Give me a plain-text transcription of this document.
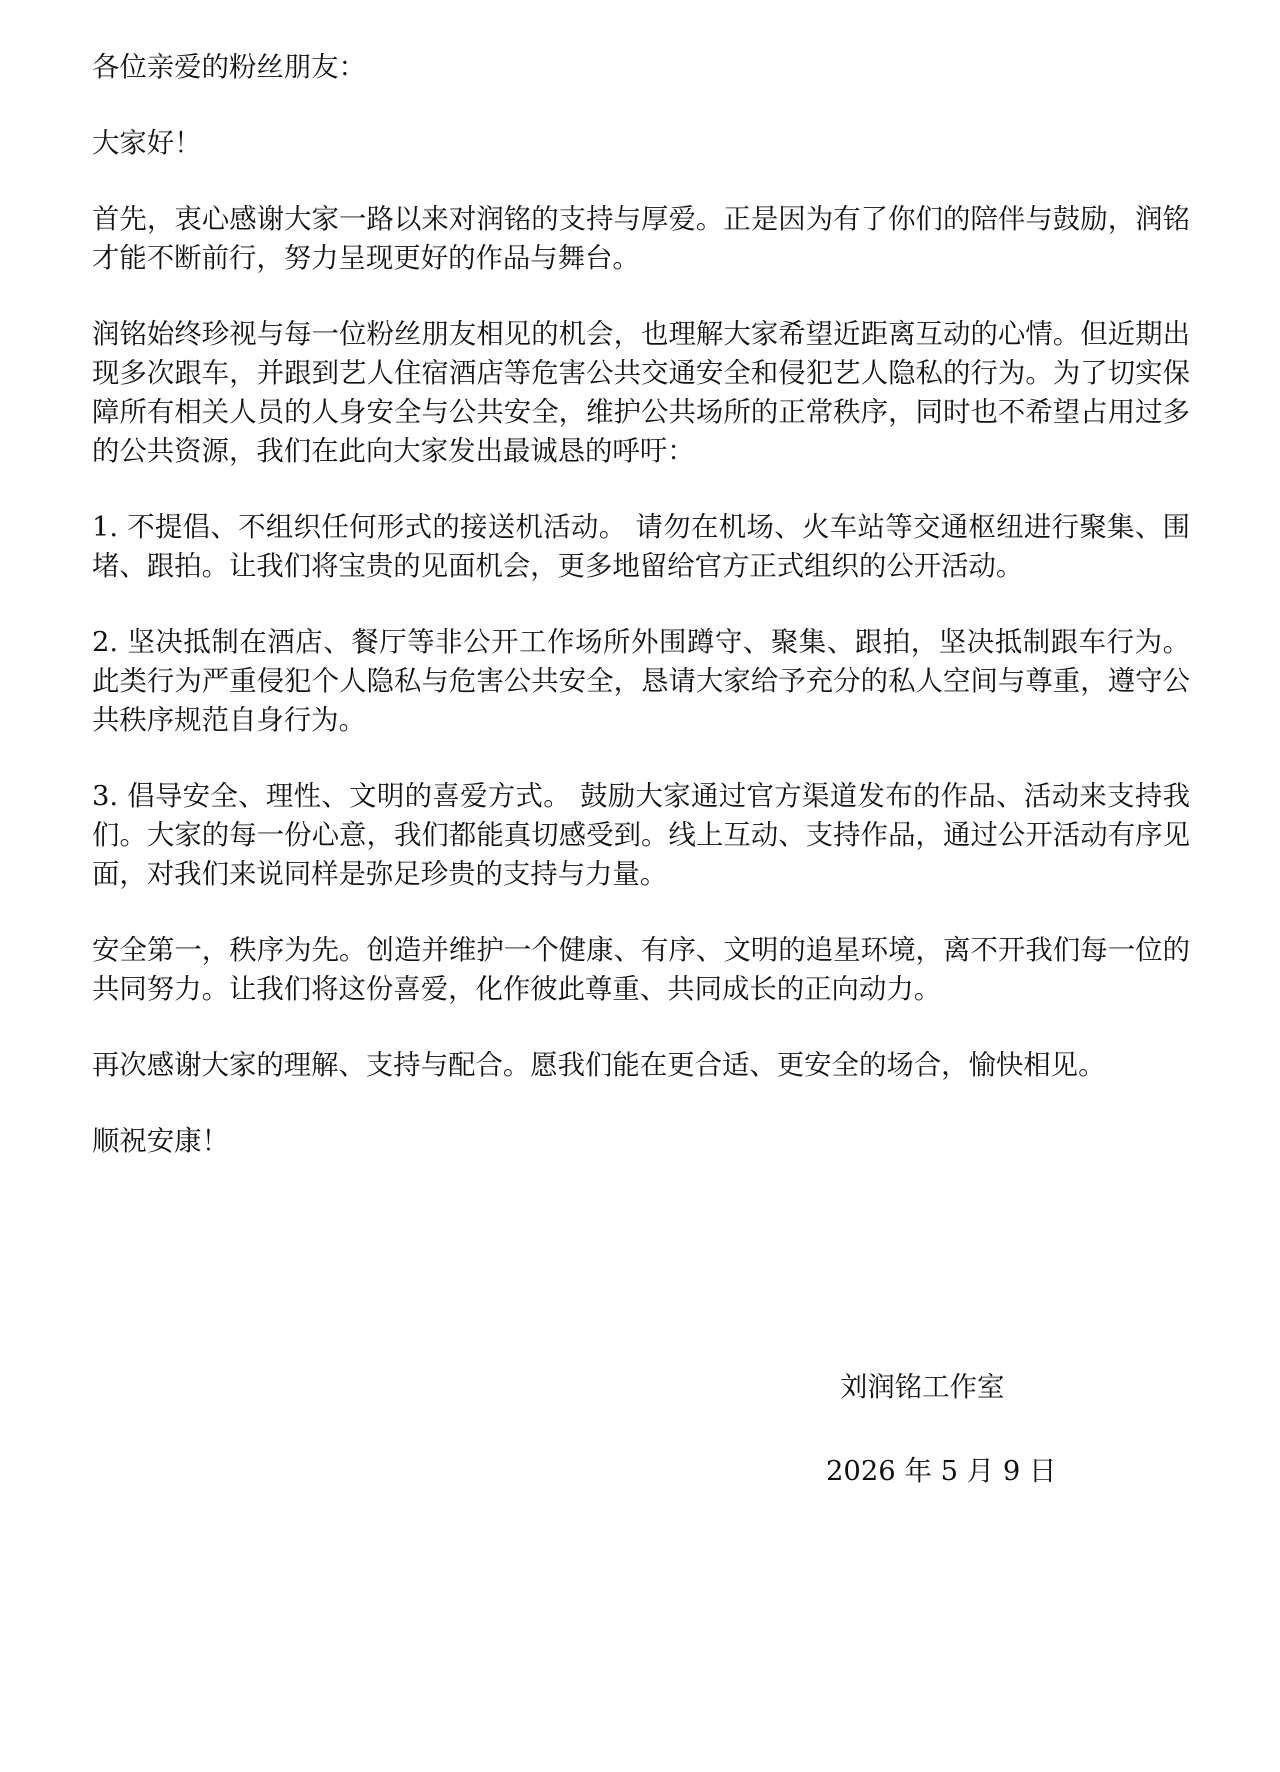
各位亲爱的粉丝朋友：

大家好！

首先，衷心感谢大家一路以来对润铭的支持与厚爱。正是因为有了你们的陪伴与鼓励，润铭才能不断前行，努力呈现更好的作品与舞台。

润铭始终珍视与每一位粉丝朋友相见的机会，也理解大家希望近距离互动的心情。但近期出现多次跟车，并跟到艺人住宿酒店等危害公共交通安全和侵犯艺人隐私的行为。为了切实保障所有相关人员的人身安全与公共安全，维护公共场所的正常秩序，同时也不希望占用过多的公共资源，我们在此向大家发出最诚恳的呼吁：

1. 不提倡、不组织任何形式的接送机活动。 请勿在机场、火车站等交通枢纽进行聚集、围堵、跟拍。让我们将宝贵的见面机会，更多地留给官方正式组织的公开活动。

2. 坚决抵制在酒店、餐厅等非公开工作场所外围蹲守、聚集、跟拍，坚决抵制跟车行为。 此类行为严重侵犯个人隐私与危害公共安全，恳请大家给予充分的私人空间与尊重，遵守公共秩序规范自身行为。

3. 倡导安全、理性、文明的喜爱方式。 鼓励大家通过官方渠道发布的作品、活动来支持我们。大家的每一份心意，我们都能真切感受到。线上互动、支持作品，通过公开活动有序见面，对我们来说同样是弥足珍贵的支持与力量。

安全第一，秩序为先。创造并维护一个健康、有序、文明的追星环境，离不开我们每一位的共同努力。让我们将这份喜爱，化作彼此尊重、共同成长的正向动力。

再次感谢大家的理解、支持与配合。愿我们能在更合适、更安全的场合，愉快相见。

顺祝安康！

刘润铭工作室
2026 年 5 月 9 日
